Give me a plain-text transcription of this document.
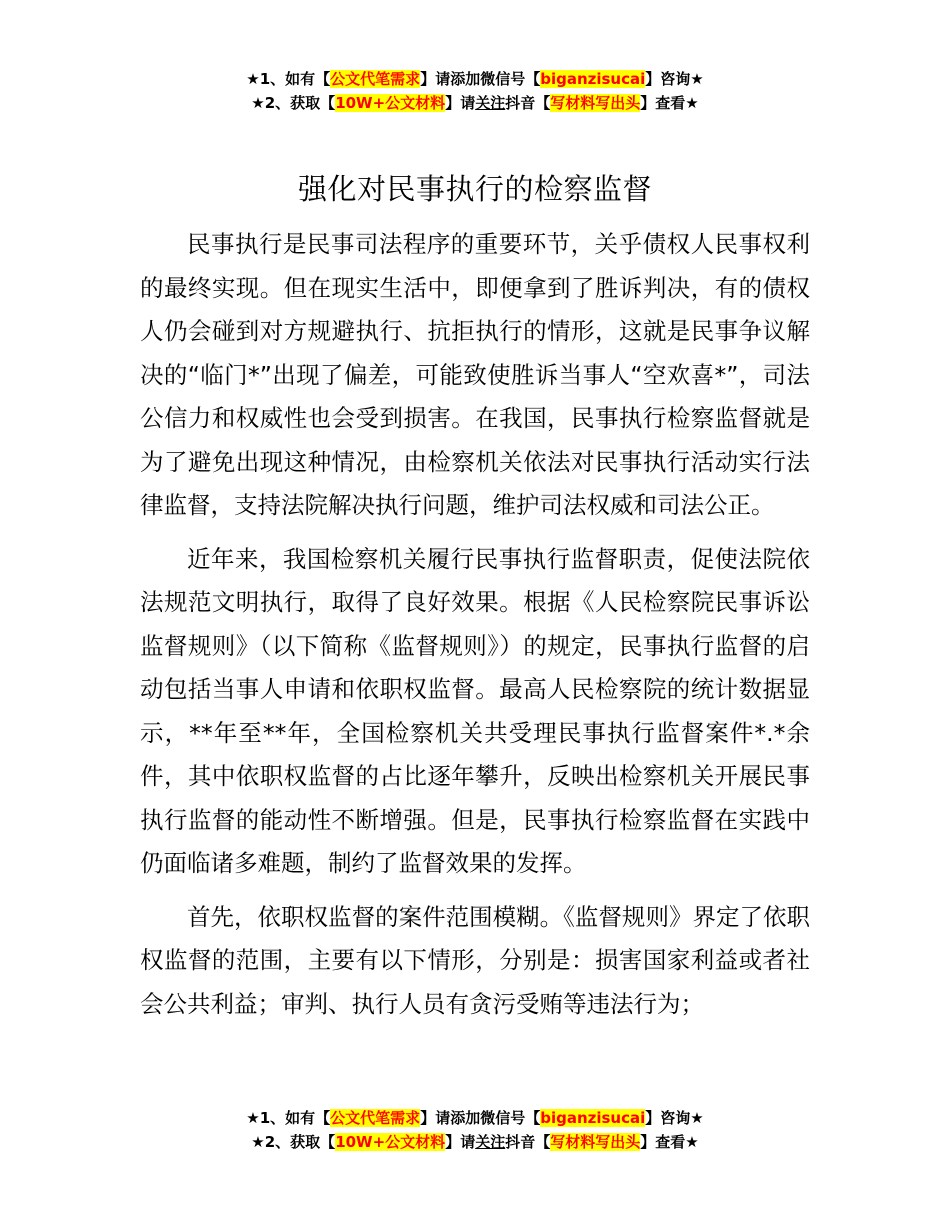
★1、如有【公文代笔需求】请添加微信号【biganzisucai】咨询★
★2、获取【10W+公文材料】请关注抖音【写材料写出头】查看★
强化对民事执行的检察监督

民事执行是民事司法程序的重要环节，关乎债权人民事权利的最终实现。但在现实生活中，即便拿到了胜诉判决，有的债权人仍会碰到对方规避执行、抗拒执行的情形，这就是民事争议解决的“临门*”出现了偏差，可能致使胜诉当事人“空欢喜*”，司法公信力和权威性也会受到损害。在我国，民事执行检察监督就是为了避免出现这种情况，由检察机关依法对民事执行活动实行法律监督，支持法院解决执行问题，维护司法权威和司法公正。

近年来，我国检察机关履行民事执行监督职责，促使法院依法规范文明执行，取得了良好效果。根据《人民检察院民事诉讼监督规则》（以下简称《监督规则》）的规定，民事执行监督的启动包括当事人申请和依职权监督。最高人民检察院的统计数据显示，**年至**年，全国检察机关共受理民事执行监督案件*.*余件，其中依职权监督的占比逐年攀升，反映出检察机关开展民事执行监督的能动性不断增强。但是，民事执行检察监督在实践中仍面临诸多难题，制约了监督效果的发挥。

首先，依职权监督的案件范围模糊。《监督规则》界定了依职权监督的范围，主要有以下情形，分别是：损害国家利益或者社会公共利益；审判、执行人员有贪污受贿等违法行为；

★1、如有【公文代笔需求】请添加微信号【biganzisucai】咨询★
★2、获取【10W+公文材料】请关注抖音【写材料写出头】查看★
